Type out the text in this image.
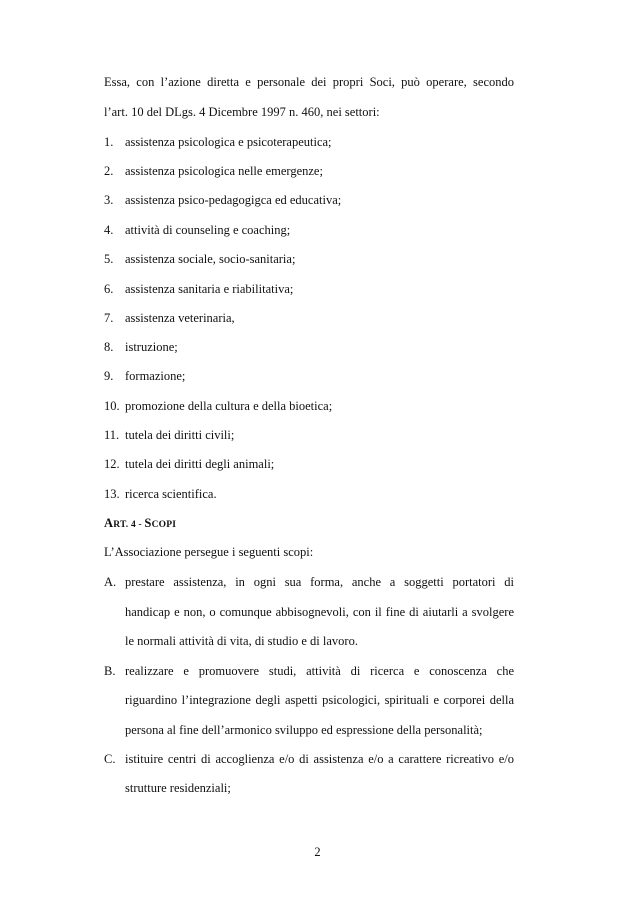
Essa, con l’azione diretta e personale dei propri Soci, può operare, secondo
l’art. 10 del DLgs. 4 Dicembre 1997 n. 460, nei settori:
1. assistenza psicologica e psicoterapeutica;
2. assistenza psicologica nelle emergenze;
3. assistenza psico-pedagogigca ed educativa;
4. attività di counseling e coaching;
5. assistenza sociale, socio-sanitaria;
6. assistenza sanitaria e riabilitativa;
7. assistenza veterinaria,
8. istruzione;
9. formazione;
10. promozione della cultura e della bioetica;
11. tutela dei diritti civili;
12. tutela dei diritti degli animali;
13. ricerca scientifica.
ART. 4 - SCOPI
L’Associazione persegue i seguenti scopi:
A. prestare assistenza, in ogni sua forma, anche a soggetti portatori di
handicap e non, o comunque abbisognevoli, con il fine di aiutarli a svolgere
le normali attività di vita, di studio e di lavoro.
B. realizzare e promuovere studi, attività di ricerca e conoscenza che
riguardino l’integrazione degli aspetti psicologici, spirituali e corporei della
persona al fine dell’armonico sviluppo ed espressione della personalità;
C. istituire centri di accoglienza e/o di assistenza e/o a carattere ricreativo e/o
strutture residenziali;
2
